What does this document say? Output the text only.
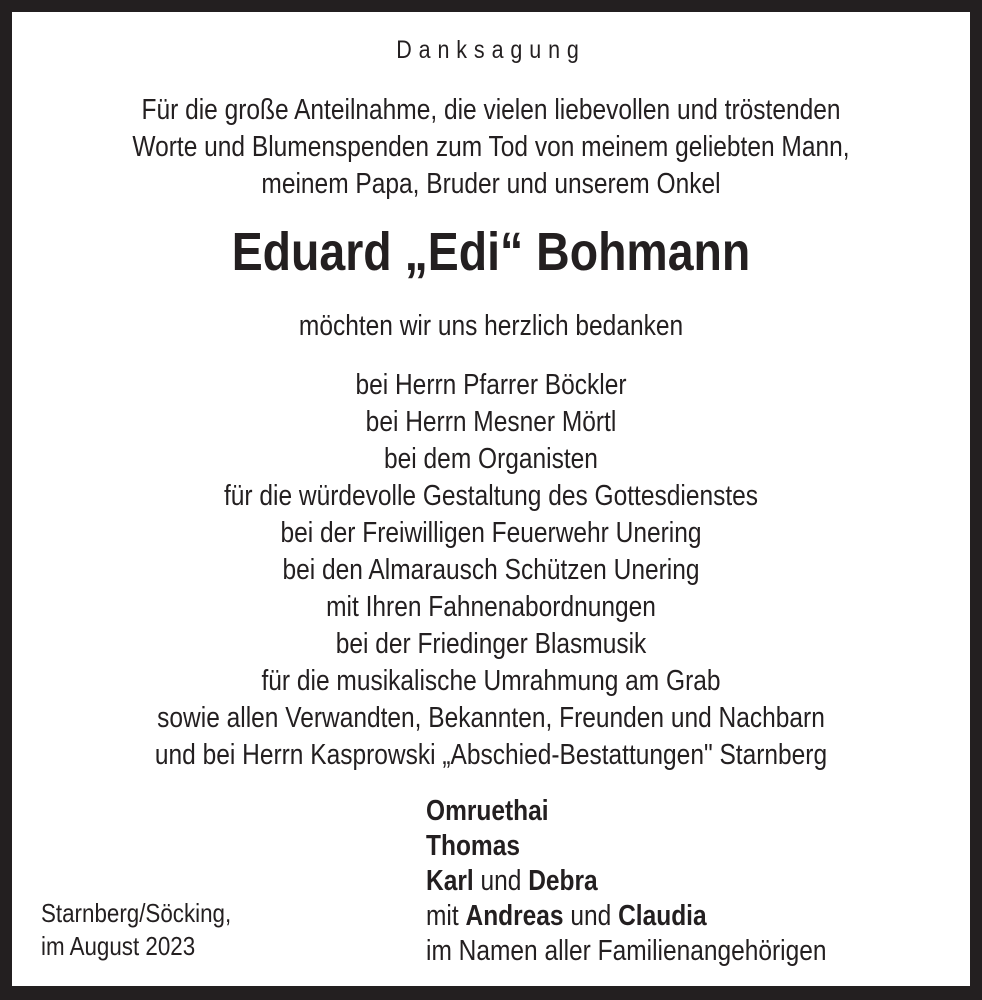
Danksagung
Für die große Anteilnahme, die vielen liebevollen und tröstenden
Worte und Blumenspenden zum Tod von meinem geliebten Mann,
meinem Papa, Bruder und unserem Onkel
Eduard „Edi“ Bohmann
möchten wir uns herzlich bedanken
bei Herrn Pfarrer Böckler
bei Herrn Mesner Mörtl
bei dem Organisten
für die würdevolle Gestaltung des Gottesdienstes
bei der Freiwilligen Feuerwehr Unering
bei den Almarausch Schützen Unering
mit Ihren Fahnenabordnungen
bei der Friedinger Blasmusik
für die musikalische Umrahmung am Grab
sowie allen Verwandten, Bekannten, Freunden und Nachbarn
und bei Herrn Kasprowski „Abschied-Bestattungen" Starnberg
Starnberg/Söcking,
im August 2023
Omruethai
Thomas
Karl und Debra
mit Andreas und Claudia
im Namen aller Familienangehörigen
